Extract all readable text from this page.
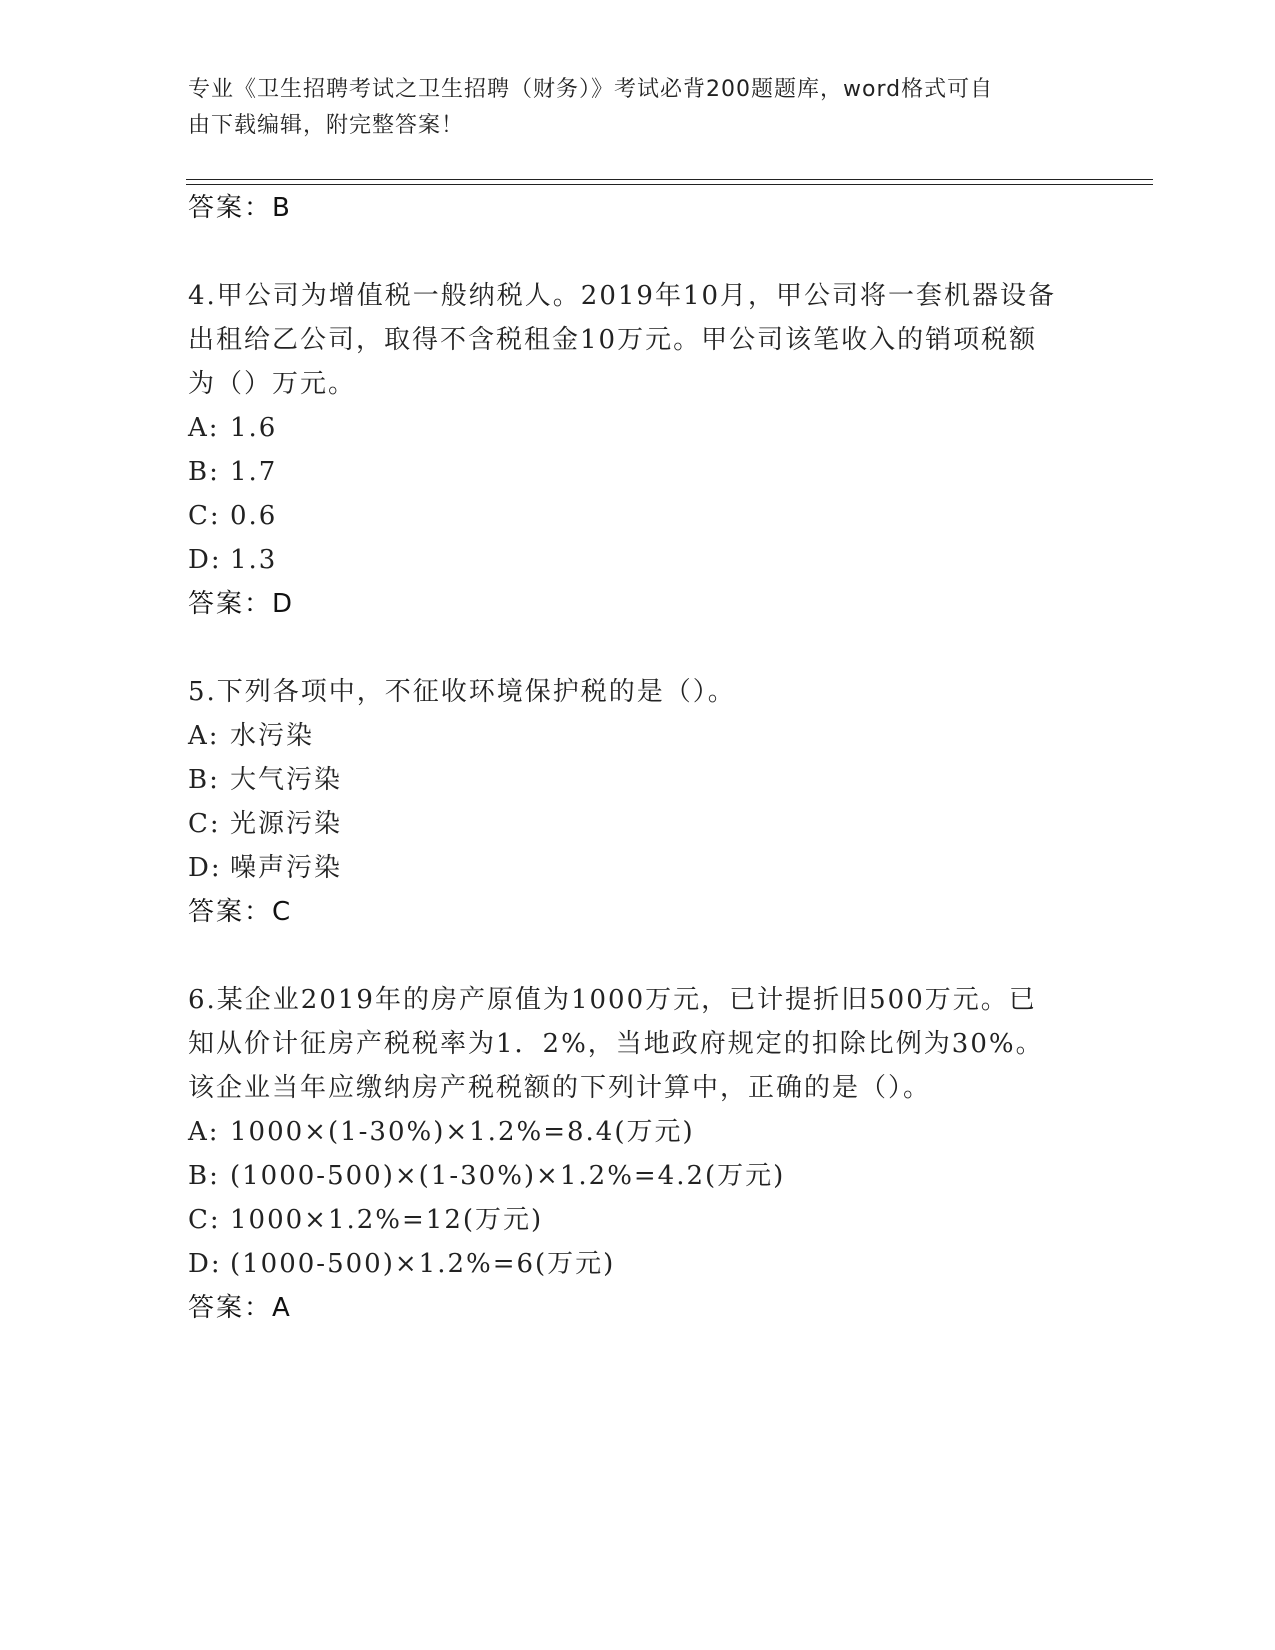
专业《卫生招聘考试之卫生招聘（财务）》考试必背200题题库，word格式可自
由下载编辑，附完整答案！
答案：B
4.甲公司为增值税一般纳税人。2019年10月，甲公司将一套机器设备
出租给乙公司，取得不含税租金10万元。甲公司该笔收入的销项税额
为（）万元。
A: 1.6
B: 1.7
C: 0.6
D: 1.3
答案：D
5.下列各项中，不征收环境保护税的是（）。
A: 水污染
B: 大气污染
C: 光源污染
D: 噪声污染
答案：C
6.某企业2019年的房产原值为1000万元，已计提折旧500万元。已
知从价计征房产税税率为1．2%，当地政府规定的扣除比例为30%。
该企业当年应缴纳房产税税额的下列计算中，正确的是（）。
A: 1000×(1-30%)×1.2%=8.4(万元)
B: (1000-500)×(1-30%)×1.2%=4.2(万元)
C: 1000×1.2%=12(万元)
D: (1000-500)×1.2%=6(万元)
答案：A
